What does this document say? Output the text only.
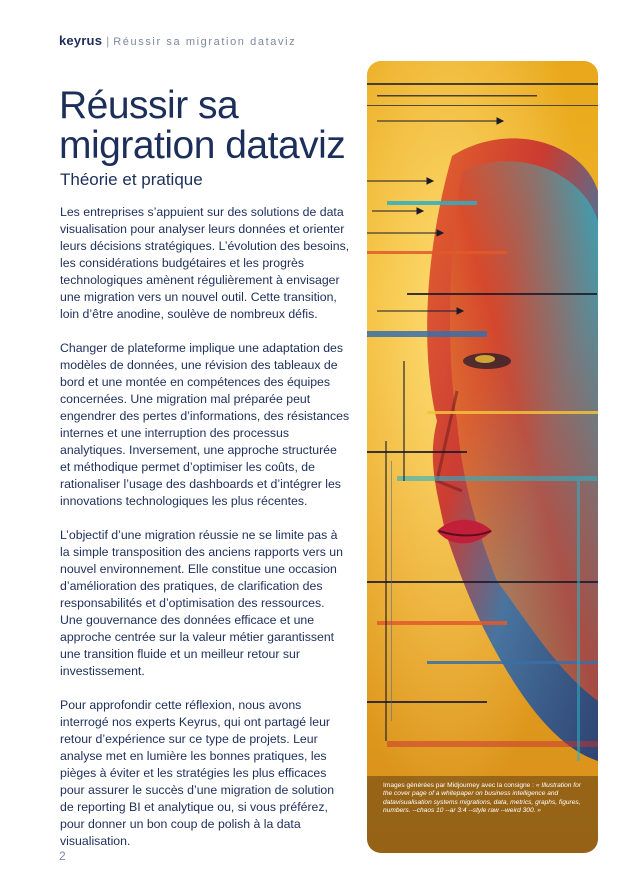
keyrus | Réussir sa migration dataviz
Réussir sa
migration dataviz
Théorie et pratique

Les entreprises s’appuient sur des solutions de data visualisation pour analyser leurs données et orienter leurs décisions stratégiques. L’évolution des besoins, les considérations budgétaires et les progrès technologiques amènent régulièrement à envisager une migration vers un nouvel outil. Cette transition, loin d’être anodine, soulève de nombreux défis.

Changer de plateforme implique une adaptation des modèles de données, une révision des tableaux de bord et une montée en compétences des équipes concernées. Une migration mal préparée peut engendrer des pertes d’informations, des résistances internes et une interruption des processus analytiques. Inversement, une approche structurée et méthodique permet d’optimiser les coûts, de rationaliser l’usage des dashboards et d’intégrer les innovations technologiques les plus récentes.

L’objectif d’une migration réussie ne se limite pas à la simple transposition des anciens rapports vers un nouvel environnement. Elle constitue une occasion d’amélioration des pratiques, de clarification des responsabilités et d’optimisation des ressources. Une gouvernance des données efficace et une approche centrée sur la valeur métier garantissent une transition fluide et un meilleur retour sur investissement.

Pour approfondir cette réflexion, nous avons interrogé nos experts Keyrus, qui ont partagé leur retour d’expérience sur ce type de projets. Leur analyse met en lumière les bonnes pratiques, les pièges à éviter et les stratégies les plus efficaces pour assurer le succès d’une migration de solution de reporting BI et analytique ou, si vous préférez, pour donner un bon coup de polish à la data visualisation.

Images générées par Midjourney avec la consigne : « Illustration for the cover page of a whitepaper on business intelligence and datavisualisation systems migrations, data, metrics, graphs, figures, numbers. --chaos 10 --ar 3:4 --style raw --weird 300. »
2
